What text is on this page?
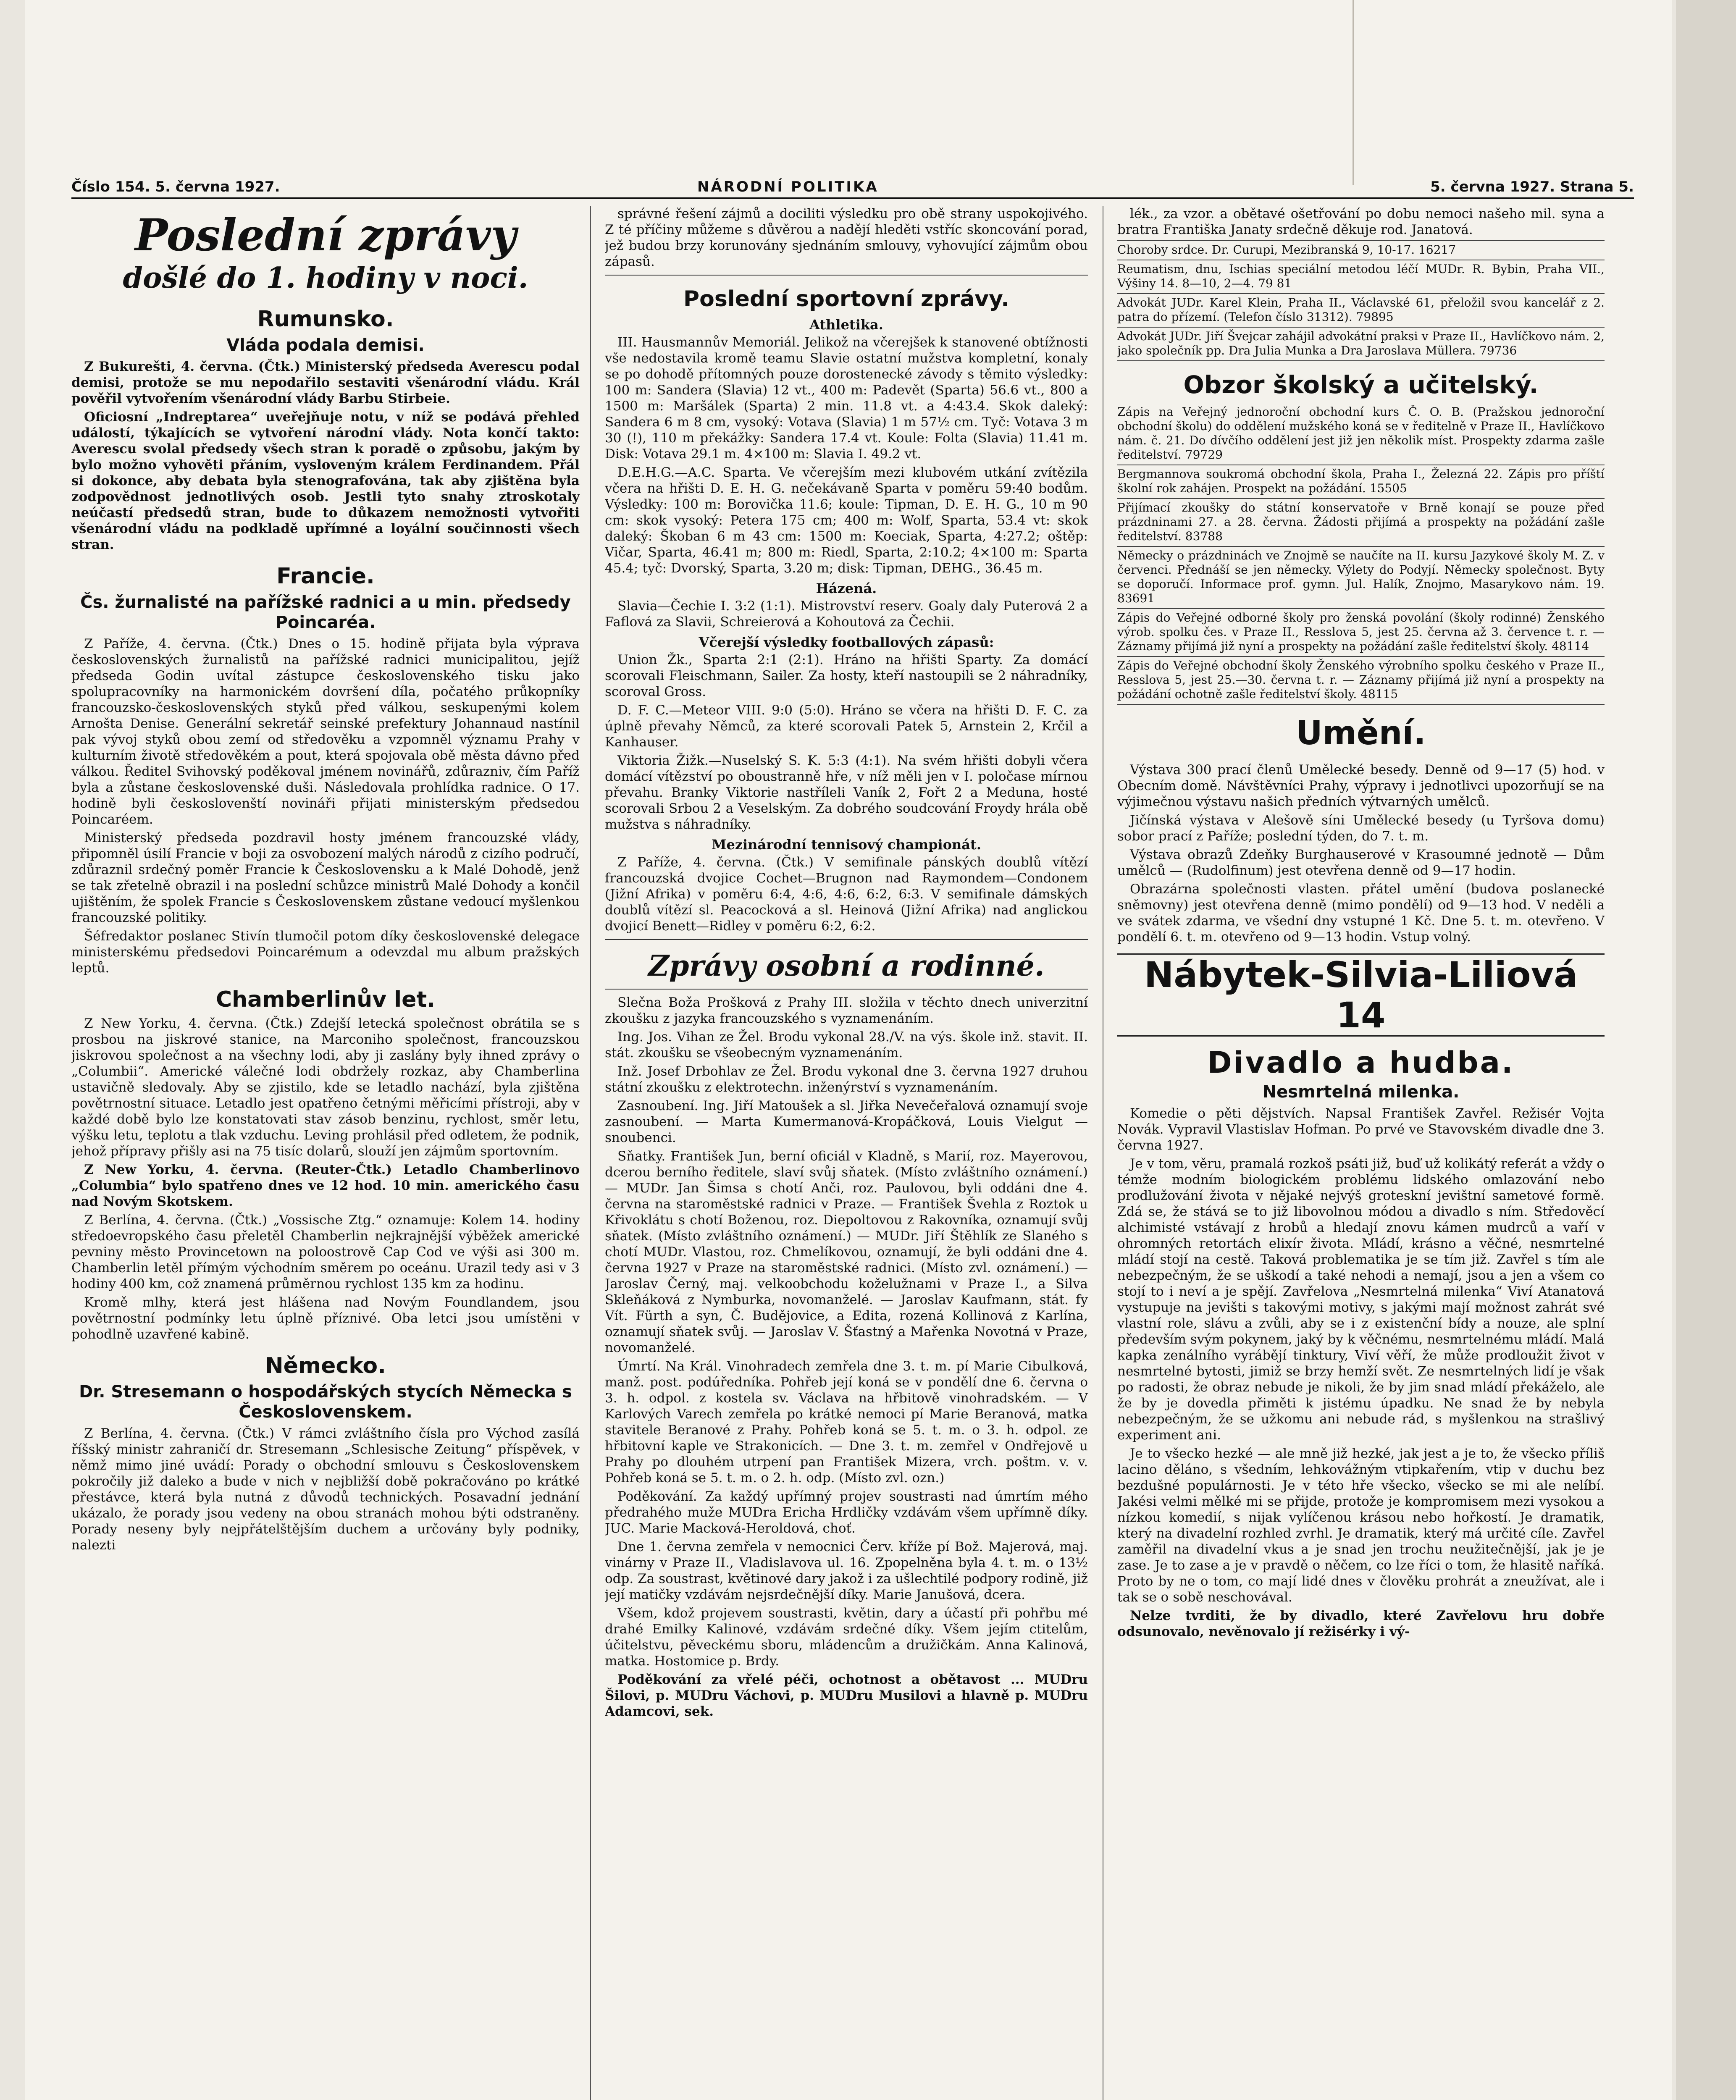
Číslo 154. 5. června 1927.	NÁRODNÍ POLITIKA	5. června 1927. Strana 5.
Poslední zprávy
došlé do 1. hodiny v noci.
Rumunsko.
Vláda podala demisi.

Z Bukurešti, 4. června. (Čtk.) Ministerský předseda Averescu podal demisi, protože se mu nepodařilo sestaviti všenárodní vládu. Král pověřil vytvořením všenárodní vlády Barbu Stirbeie.

Oficiosní „Indreptarea“ uveřejňuje notu, v níž se podává přehled událostí, týkajících se vytvoření národní vlády. Nota končí takto: Averescu svolal předsedy všech stran k poradě o způsobu, jakým by bylo možno vyhověti přáním, vysloveným králem Ferdinandem. Přál si dokonce, aby debata byla stenografována, tak aby zjištěna byla zodpovědnost jednotlivých osob. Jestli tyto snahy ztroskotaly neúčastí předsedů stran, bude to důkazem nemožnosti vytvořiti všenárodní vládu na podkladě upřímné a loyální součinnosti všech stran.

Francie.
Čs. žurnalisté na pařížské radnici a u min. předsedy Poincaréa.

Z Paříže, 4. června. (Čtk.) Dnes o 15. hodině přijata byla výprava československých žurnalistů na pařížské radnici municipalitou, jejíž předseda Godin uvítal zástupce československého tisku jako spolupracovníky na harmonickém dovršení díla, počatého průkopníky francouzsko-československých styků před válkou, seskupenými kolem Arnošta Denise. Generální sekretář seinské prefektury Johannaud nastínil pak vývoj styků obou zemí od středověku a vzpomněl významu Prahy v kulturním životě středověkém a pout, která spojovala obě města dávno před válkou. Ředitel Svihovský poděkoval jménem novinářů, zdůrazniv, čím Paříž byla a zůstane československé duši. Následovala prohlídka radnice. O 17. hodině byli českoslovenští novináři přijati ministerským předsedou Poincaréem.

Ministerský předseda pozdravil hosty jménem francouzské vlády, připomněl úsilí Francie v boji za osvobození malých národů z cizího područí, zdůraznil srdečný poměr Francie k Československu a k Malé Dohodě, jenž se tak zřetelně obrazil i na poslední schůzce ministrů Malé Dohody a končil ujištěním, že spolek Francie s Československem zůstane vedoucí myšlenkou francouzské politiky.

Šéfredaktor poslanec Stivín tlumočil potom díky československé delegace ministerskému předsedovi Poincarémum a odevzdal mu album pražských leptů.

Chamberlinův let.

Z New Yorku, 4. června. (Čtk.) Zdejší letecká společnost obrátila se s prosbou na jiskrové stanice, na Marconiho společnost, francouzskou jiskrovou společnost a na všechny lodi, aby ji zaslány byly ihned zprávy o „Columbii“. Americké válečné lodi obdržely rozkaz, aby Chamberlina ustavičně sledovaly. Aby se zjistilo, kde se letadlo nachází, byla zjištěna povětrnostní situace. Letadlo jest opatřeno četnými měřicími přístroji, aby v každé době bylo lze konstatovati stav zásob benzinu, rychlost, směr letu, výšku letu, teplotu a tlak vzduchu. Leving prohlásil před odletem, že podnik, jehož přípravy přišly asi na 75 tisíc dolarů, slouží jen zájmům sportovním.

Z New Yorku, 4. června. (Reuter-Čtk.) Letadlo Chamberlinovo „Columbia“ bylo spatřeno dnes ve 12 hod. 10 min. amerického času nad Novým Skotskem.

Z Berlína, 4. června. (Čtk.) „Vossische Ztg.“ oznamuje: Kolem 14. hodiny středoevropského času přeletěl Chamberlin nejkrajnější výběžek americké pevniny město Provincetown na poloostrově Cap Cod ve výši asi 300 m. Chamberlin letěl přímým východním směrem po oceánu. Urazil tedy asi v 3 hodiny 400 km, což znamená průměrnou rychlost 135 km za hodinu.

Kromě mlhy, která jest hlášena nad Novým Foundlandem, jsou povětrnostní podmínky letu úplně příznivé. Oba letci jsou umístěni v pohodlně uzavřené kabině.

Německo.
Dr. Stresemann o hospodářských stycích Německa s Československem.

Z Berlína, 4. června. (Čtk.) V rámci zvláštního čísla pro Východ zasílá říšský ministr zahraničí dr. Stresemann „Schlesische Zeitung“ příspěvek, v němž mimo jiné uvádí: Porady o obchodní smlouvu s Československem pokročily již daleko a bude v nich v nejbližší době pokračováno po krátké přestávce, která byla nutná z důvodů technických. Posavadní jednání ukázalo, že porady jsou vedeny na obou stranách mohou býti odstraněny. Porady neseny byly nejpřátelštějším duchem a určovány byly podniky, nalezti

správné řešení zájmů a dociliti výsledku pro obě strany uspokojivého. Z té příčiny můžeme s důvěrou a nadějí hleděti vstříc skoncování porad, jež budou brzy korunovány sjednáním smlouvy, vyhovující zájmům obou zápasů.

Poslední sportovní zprávy.
Athletika.

III. Hausmannův Memoriál. Jelikož na včerejšek k stanovené obtížnosti vše nedostavila kromě teamu Slavie ostatní mužstva kompletní, konaly se po dohodě přítomných pouze dorostenecké závody s těmito výsledky: 100 m: Sandera (Slavia) 12 vt., 400 m: Padevět (Sparta) 56.6 vt., 800 a 1500 m: Maršálek (Sparta) 2 min. 11.8 vt. a 4:43.4. Skok daleký: Sandera 6 m 8 cm, vysoký: Votava (Slavia) 1 m 57½ cm. Tyč: Votava 3 m 30 (!), 110 m překážky: Sandera 17.4 vt. Koule: Folta (Slavia) 11.41 m. Disk: Votava 29.1 m. 4×100 m: Slavia I. 49.2 vt.

D.E.H.G.—A.C. Sparta. Ve včerejším mezi klubovém utkání zvítězila včera na hřišti D. E. H. G. nečekávaně Sparta v poměru 59:40 bodům. Výsledky: 100 m: Borovička 11.6; koule: Tipman, D. E. H. G., 10 m 90 cm: skok vysoký: Petera 175 cm; 400 m: Wolf, Sparta, 53.4 vt: skok daleký: Škoban 6 m 43 cm: 1500 m: Koeciak, Sparta, 4:27.2; oštěp: Vičar, Sparta, 46.41 m; 800 m: Riedl, Sparta, 2:10.2; 4×100 m: Sparta 45.4; tyč: Dvorský, Sparta, 3.20 m; disk: Tipman, DEHG., 36.45 m.

Házená.

Slavia—Čechie I. 3:2 (1:1). Mistrovství reserv. Goaly daly Puterová 2 a Faflová za Slavii, Schreierová a Kohoutová za Čechii.

Včerejší výsledky footballových zápasů:

Union Žk., Sparta 2:1 (2:1). Hráno na hřišti Sparty. Za domácí scorovali Fleischmann, Sailer. Za hosty, kteří nastoupili se 2 náhradníky, scoroval Gross.

D. F. C.—Meteor VIII. 9:0 (5:0). Hráno se včera na hřišti D. F. C. za úplně převahy Němců, za které scorovali Patek 5, Arnstein 2, Krčil a Kanhauser.

Viktoria Žižk.—Nuselský S. K. 5:3 (4:1). Na svém hřišti dobyli včera domácí vítězství po oboustranně hře, v níž měli jen v I. poločase mírnou převahu. Branky Viktorie nastříleli Vaník 2, Fořt 2 a Meduna, hosté scorovali Srbou 2 a Veselským. Za dobrého soudcování Froydy hrála obě mužstva s náhradníky.

Mezinárodní tennisový championát.

Z Paříže, 4. června. (Čtk.) V semifinale pánských doublů vítězí francouzská dvojice Cochet—Brugnon nad Raymondem—Condonem (Jižní Afrika) v poměru 6:4, 4:6, 4:6, 6:2, 6:3. V semifinale dámských doublů vítězí sl. Peacocková a sl. Heinová (Jižní Afrika) nad anglickou dvojicí Benett—Ridley v poměru 6:2, 6:2.

Zprávy osobní a rodinné.

Slečna Boža Prošková z Prahy III. složila v těchto dnech univerzitní zkoušku z jazyka francouzského s vyznamenáním.

Ing. Jos. Vihan ze Žel. Brodu vykonal 28./V. na výs. škole inž. stavit. II. stát. zkoušku se všeobecným vyznamenáním.

Inž. Josef Drbohlav ze Žel. Brodu vykonal dne 3. června 1927 druhou státní zkoušku z elektrotechn. inženýrství s vyznamenáním.

Zasnoubení. Ing. Jiří Matoušek a sl. Jiřka Nevečeřalová oznamují svoje zasnoubení. — Marta Kumermanová-Kropáčková, Louis Vielgut — snoubenci.

Sňatky. František Jun, berní oficiál v Kladně, s Marií, roz. Mayerovou, dcerou berního ředitele, slaví svůj sňatek. (Místo zvláštního oznámení.) — MUDr. Jan Šimsa s chotí Anči, roz. Paulovou, byli oddáni dne 4. června na staroměstské radnici v Praze. — František Švehla z Roztok u Křivoklátu s chotí Boženou, roz. Diepoltovou z Rakovníka, oznamují svůj sňatek. (Místo zvláštního oznámení.) — MUDr. Jiří Štěhlík ze Slaného s chotí MUDr. Vlastou, roz. Chmelíkovou, oznamují, že byli oddáni dne 4. června 1927 v Praze na staroměstské radnici. (Místo zvl. oznámení.) — Jaroslav Černý, maj. velkoobchodu koželužnami v Praze I., a Silva Skleňáková z Nymburka, novomanželé. — Jaroslav Kaufmann, stát. fy Vít. Fürth a syn, Č. Budějovice, a Edita, rozená Kollinová z Karlína, oznamují sňatek svůj. — Jaroslav V. Šťastný a Mařenka Novotná v Praze, novomanželé.

Úmrtí. Na Král. Vinohradech zemřela dne 3. t. m. pí Marie Cibulková, manž. post. podúředníka. Pohřeb její koná se v pondělí dne 6. června o 3. h. odpol. z kostela sv. Václava na hřbitově vinohradském. — V Karlových Varech zemřela po krátké nemoci pí Marie Beranová, matka stavitele Beranové z Prahy. Pohřeb koná se 5. t. m. o 3. h. odpol. ze hřbitovní kaple ve Strakonicích. — Dne 3. t. m. zemřel v Ondřejově u Prahy po dlouhém utrpení pan František Mizera, vrch. poštm. v. v. Pohřeb koná se 5. t. m. o 2. h. odp. (Místo zvl. ozn.)

Poděkování. Za každý upřímný projev soustrasti nad úmrtím mého předrahého muže MUDra Ericha Hrdličky vzdávám všem upřímně díky. JUC. Marie Macková-Heroldová, choť.

Dne 1. června zemřela v nemocnici Červ. kříže pí Bož. Majerová, maj. vinárny v Praze II., Vladislavova ul. 16. Zpopelněna byla 4. t. m. o 13½ odp. Za soustrast, květinové dary jakož i za ušlechtilé podpory rodině, již její matičky vzdávám nejsrdečnější díky. Marie Janušová, dcera.

Všem, kdož projevem soustrasti, květin, dary a účastí při pohřbu mé drahé Emilky Kalinové, vzdávám srdečné díky. Všem jejím ctitelům, účitelstvu, pěveckému sboru, mládencům a družičkám. Anna Kalinová, matka. Hostomice p. Brdy.

Poděkování za vřelé péči, ochotnost a obětavost ... MUDru Šilovi, p. MUDru Váchovi, p. MUDru Musilovi a hlavně p. MUDru Adamcovi, sek.

lék., za vzor. a obětavé ošetřování po dobu nemoci našeho mil. syna a bratra Františka Janaty srdečně děkuje rod. Janatová.

Choroby srdce. Dr. Curupi, Mezibranská 9, 10-17. 16217
Reumatism, dnu, Ischias speciální metodou léčí MUDr. R. Bybin, Praha VII., Výšiny 14. 8—10, 2—4. 79 81
Advokát JUDr. Karel Klein, Praha II., Václavské 61, přeložil svou kancelář z 2. patra do přízemí. (Telefon číslo 31312). 79895
Advokát JUDr. Jiří Švejcar zahájil advokátní praksi v Praze II., Havlíčkovo nám. 2, jako společník pp. Dra Julia Munka a Dra Jaroslava Müllera. 79736
Obzor školský a učitelský.
Zápis na Veřejný jednoroční obchodní kurs Č. O. B. (Pražskou jednoroční obchodní školu) do oddělení mužského koná se v ředitelně v Praze II., Havlíčkovo nám. č. 21. Do dívčího oddělení jest již jen několik míst. Prospekty zdarma zašle ředitelství. 79729
Bergmannova soukromá obchodní škola, Praha I., Železná 22. Zápis pro příští školní rok zahájen. Prospekt na požádání. 15505
Přijímací zkoušky do státní konservatoře v Brně konají se pouze před prázdninami 27. a 28. června. Žádosti přijímá a prospekty na požádání zašle ředitelství. 83788
Německy o prázdninách ve Znojmě se naučíte na II. kursu Jazykové školy M. Z. v červenci. Přednáší se jen německy. Výlety do Podyjí. Německy společnost. Byty se doporučí. Informace prof. gymn. Jul. Halík, Znojmo, Masarykovo nám. 19. 83691
Zápis do Veřejné odborné školy pro ženská povolání (školy rodinné) Ženského výrob. spolku čes. v Praze II., Resslova 5, jest 25. června až 3. července t. r. — Záznamy přijímá již nyní a prospekty na požádání zašle ředitelství školy. 48114
Zápis do Veřejné obchodní školy Ženského výrobního spolku českého v Praze II., Resslova 5, jest 25.—30. června t. r. — Záznamy přijímá již nyní a prospekty na požádání ochotně zašle ředitelství školy. 48115
Umění.

Výstava 300 prací členů Umělecké besedy. Denně od 9—17 (5) hod. v Obecním domě. Návštěvníci Prahy, výpravy i jednotlivci upozorňují se na výjimečnou výstavu našich předních výtvarných umělců.

Jičínská výstava v Alešově síni Umělecké besedy (u Tyršova domu) sobor prací z Paříže; poslední týden, do 7. t. m.

Výstava obrazů Zdeňky Burghauserové v Krasoumné jednotě — Dům umělců — (Rudolfinum) jest otevřena denně od 9—17 hodin.

Obrazárna společnosti vlasten. přátel umění (budova poslanecké sněmovny) jest otevřena denně (mimo pondělí) od 9—13 hod. V neděli a ve svátek zdarma, ve všední dny vstupné 1 Kč. Dne 5. t. m. otevřeno. V pondělí 6. t. m. otevřeno od 9—13 hodin. Vstup volný.

Nábytek-Silvia-Liliová 14
Divadlo a hudba.
Nesmrtelná milenka.

Komedie o pěti dějstvích. Napsal František Zavřel. Režisér Vojta Novák. Vypravil Vlastislav Hofman. Po prvé ve Stavovském divadle dne 3. června 1927.

Je v tom, věru, pramalá rozkoš psáti již, buď už kolikátý referát a vždy o témže modním biologickém problému lidského omlazování nebo prodlužování života v nějaké nejvýš groteskní jevištní sametové formě. Zdá se, že stává se to již libovolnou módou a divadlo s ním. Středověcí alchimisté vstávají z hrobů a hledají znovu kámen mudrců a vaří v ohromných retortách elixír života. Mládí, krásno a věčné, nesmrtelné mládí stojí na cestě. Taková problematika je se tím již. Zavřel s tím ale nebezpečným, že se uškodí a také nehodi a nemají, jsou a jen a všem co stojí to i neví a je spějí. Zavřelova „Nesmrtelná milenka“ Viví Atanatová vystupuje na jevišti s takovými motivy, s jakými mají možnost zahrát své vlastní role, slávu a zvůli, aby se i z existenční bídy a nouze, ale splní především svým pokynem, jaký by k věčnému, nesmrtelnému mládí. Malá kapka zenálního vyrábějí tinktury, Viví věří, že může prodloužit život v nesmrtelné bytosti, jimiž se brzy hemží svět. Ze nesmrtelných lidí je však po radosti, že obraz nebude je nikoli, že by jim snad mládí překáželo, ale že by je dovedla přiměti k jistému úpadku. Ne snad že by nebyla nebezpečným, že se užkomu ani nebude rád, s myšlenkou na strašlivý experiment ani.

Je to všecko hezké — ale mně již hezké, jak jest a je to, že všecko příliš lacino děláno, s všedním, lehkovážným vtipkařením, vtip v duchu bez bezdušné populárnosti. Je v této hře všecko, všecko se mi ale nelíbí. Jakési velmi mělké mi se přijde, protože je kompromisem mezi vysokou a nízkou komedií, s nijak vylíčenou krásou nebo hořkostí. Je dramatik, který na divadelní rozhled zvrhl. Je dramatik, který má určité cíle. Zavřel zaměřil na divadelní vkus a je snad jen trochu neužitečnější, jak je je zase. Je to zase a je v pravdě o něčem, co lze říci o tom, že hlasitě naříká. Proto by ne o tom, co mají lidé dnes v člověku prohrát a zneužívat, ale i tak se o sobě neschovával.

Nelze tvrditi, že by divadlo, které Zavřelovu hru dobře odsunovalo, nevěnovalo jí režisérky i vý-
